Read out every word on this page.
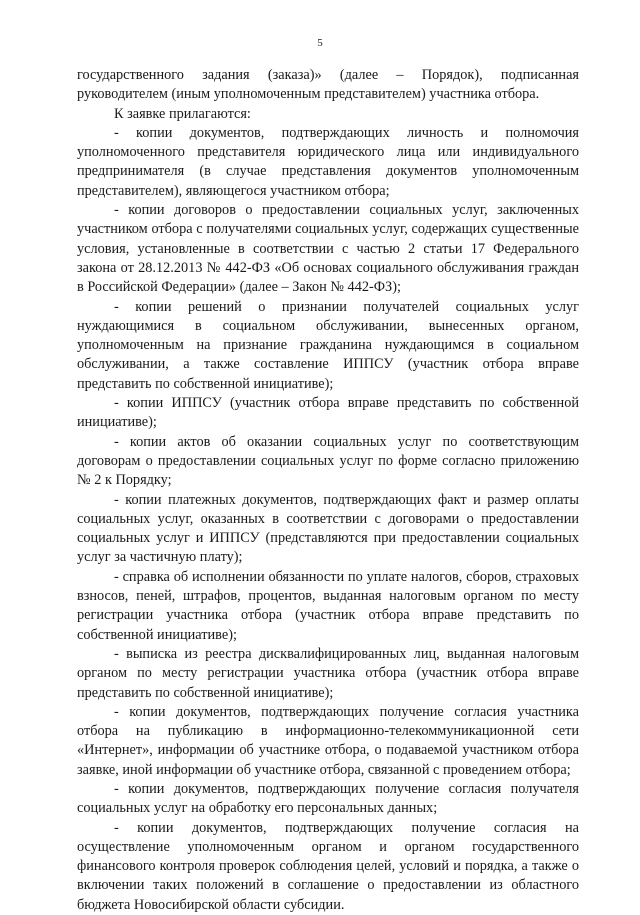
5

государственного задания (заказа)» (далее – Порядок), подписанная руководителем (иным уполномоченным представителем) участника отбора.

К заявке прилагаются:

- копии документов, подтверждающих личность и полномочия уполномоченного представителя юридического лица или индивидуального предпринимателя (в случае представления документов уполномоченным представителем), являющегося участником отбора;

- копии договоров о предоставлении социальных услуг, заключенных участником отбора с получателями социальных услуг, содержащих существенные условия, установленные в соответствии с частью 2 статьи 17 Федерального закона от 28.12.2013 № 442-ФЗ «Об основах социального обслуживания граждан в Российской Федерации» (далее – Закон № 442-ФЗ);

- копии решений о признании получателей социальных услуг нуждающимися в социальном обслуживании, вынесенных органом, уполномоченным на признание гражданина нуждающимся в социальном обслуживании, а также составление ИППСУ (участник отбора вправе представить по собственной инициативе);

- копии ИППСУ (участник отбора вправе представить по собственной инициативе);

- копии актов об оказании социальных услуг по соответствующим договорам о предоставлении социальных услуг по форме согласно приложению № 2 к Порядку;

- копии платежных документов, подтверждающих факт и размер оплаты социальных услуг, оказанных в соответствии с договорами о предоставлении социальных услуг и ИППСУ (представляются при предоставлении социальных услуг за частичную плату);

- справка об исполнении обязанности по уплате налогов, сборов, страховых взносов, пеней, штрафов, процентов, выданная налоговым органом по месту регистрации участника отбора (участник отбора вправе представить по собственной инициативе);

- выписка из реестра дисквалифицированных лиц, выданная налоговым органом по месту регистрации участника отбора (участник отбора вправе представить по собственной инициативе);

- копии документов, подтверждающих получение согласия участника отбора на публикацию в информационно-телекоммуникационной сети «Интернет», информации об участнике отбора, о подаваемой участником отбора заявке, иной информации об участнике отбора, связанной с проведением отбора;

- копии документов, подтверждающих получение согласия получателя социальных услуг на обработку его персональных данных;

- копии документов, подтверждающих получение согласия на осуществление уполномоченным органом и органом государственного финансового контроля проверок соблюдения целей, условий и порядка, а также о включении таких положений в соглашение о предоставлении из областного бюджета Новосибирской области субсидии.
